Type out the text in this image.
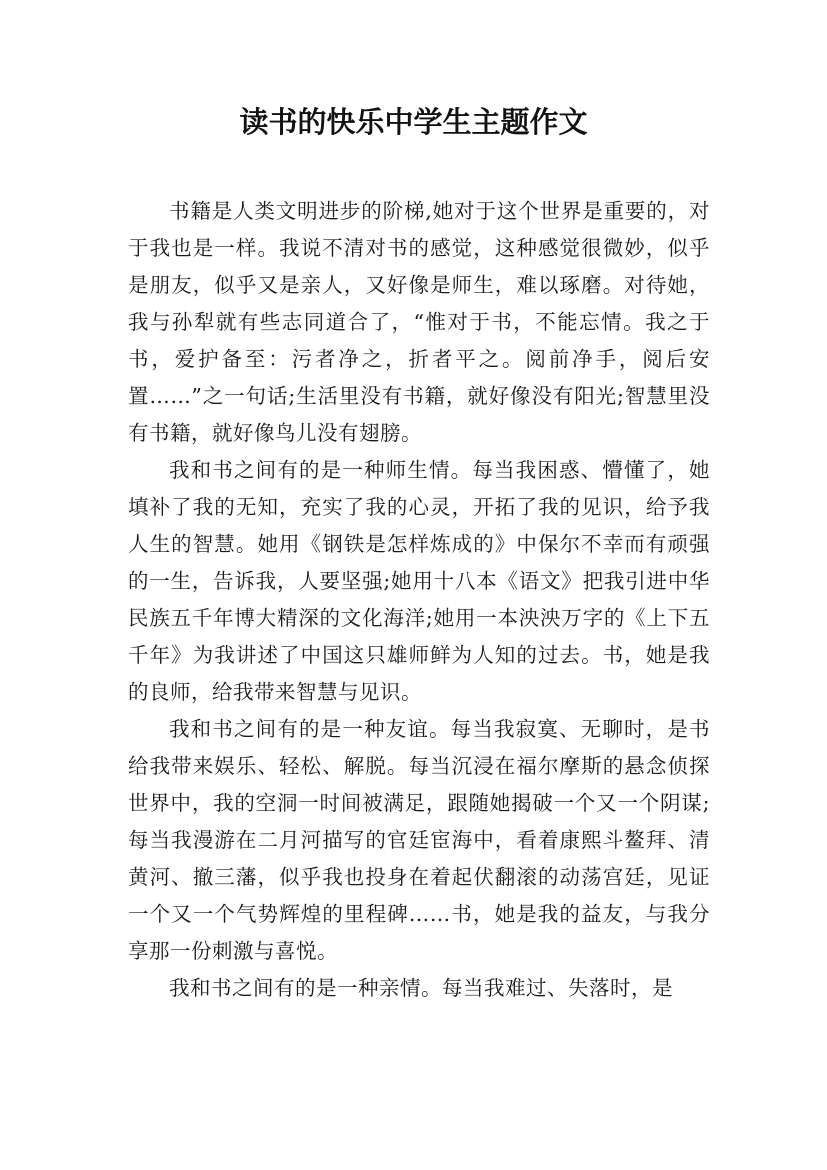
读书的快乐中学生主题作文

书籍是人类文明进步的阶梯,她对于这个世界是重要的，对于我也是一样。我说不清对书的感觉，这种感觉很微妙，似乎是朋友，似乎又是亲人，又好像是师生，难以琢磨。对待她，我与孙犁就有些志同道合了，“惟对于书，不能忘情。我之于书，爱护备至：污者净之，折者平之。阅前净手，阅后安置……”之一句话;生活里没有书籍，就好像没有阳光;智慧里没有书籍，就好像鸟儿没有翅膀。

我和书之间有的是一种师生情。每当我困惑、懵懂了，她填补了我的无知，充实了我的心灵，开拓了我的见识，给予我人生的智慧。她用《钢铁是怎样炼成的》中保尔不幸而有顽强的一生，告诉我，人要坚强;她用十八本《语文》把我引进中华民族五千年博大精深的文化海洋;她用一本泱泱万字的《上下五千年》为我讲述了中国这只雄师鲜为人知的过去。书，她是我的良师，给我带来智慧与见识。

我和书之间有的是一种友谊。每当我寂寞、无聊时，是书给我带来娱乐、轻松、解脱。每当沉浸在福尔摩斯的悬念侦探世界中，我的空洞一时间被满足，跟随她揭破一个又一个阴谋;每当我漫游在二月河描写的官廷宦海中，看着康熙斗鳌拜、清黄河、撤三藩，似乎我也投身在着起伏翻滚的动荡宫廷，见证一个又一个气势辉煌的里程碑……书，她是我的益友，与我分享那一份刺激与喜悦。

我和书之间有的是一种亲情。每当我难过、失落时，是
